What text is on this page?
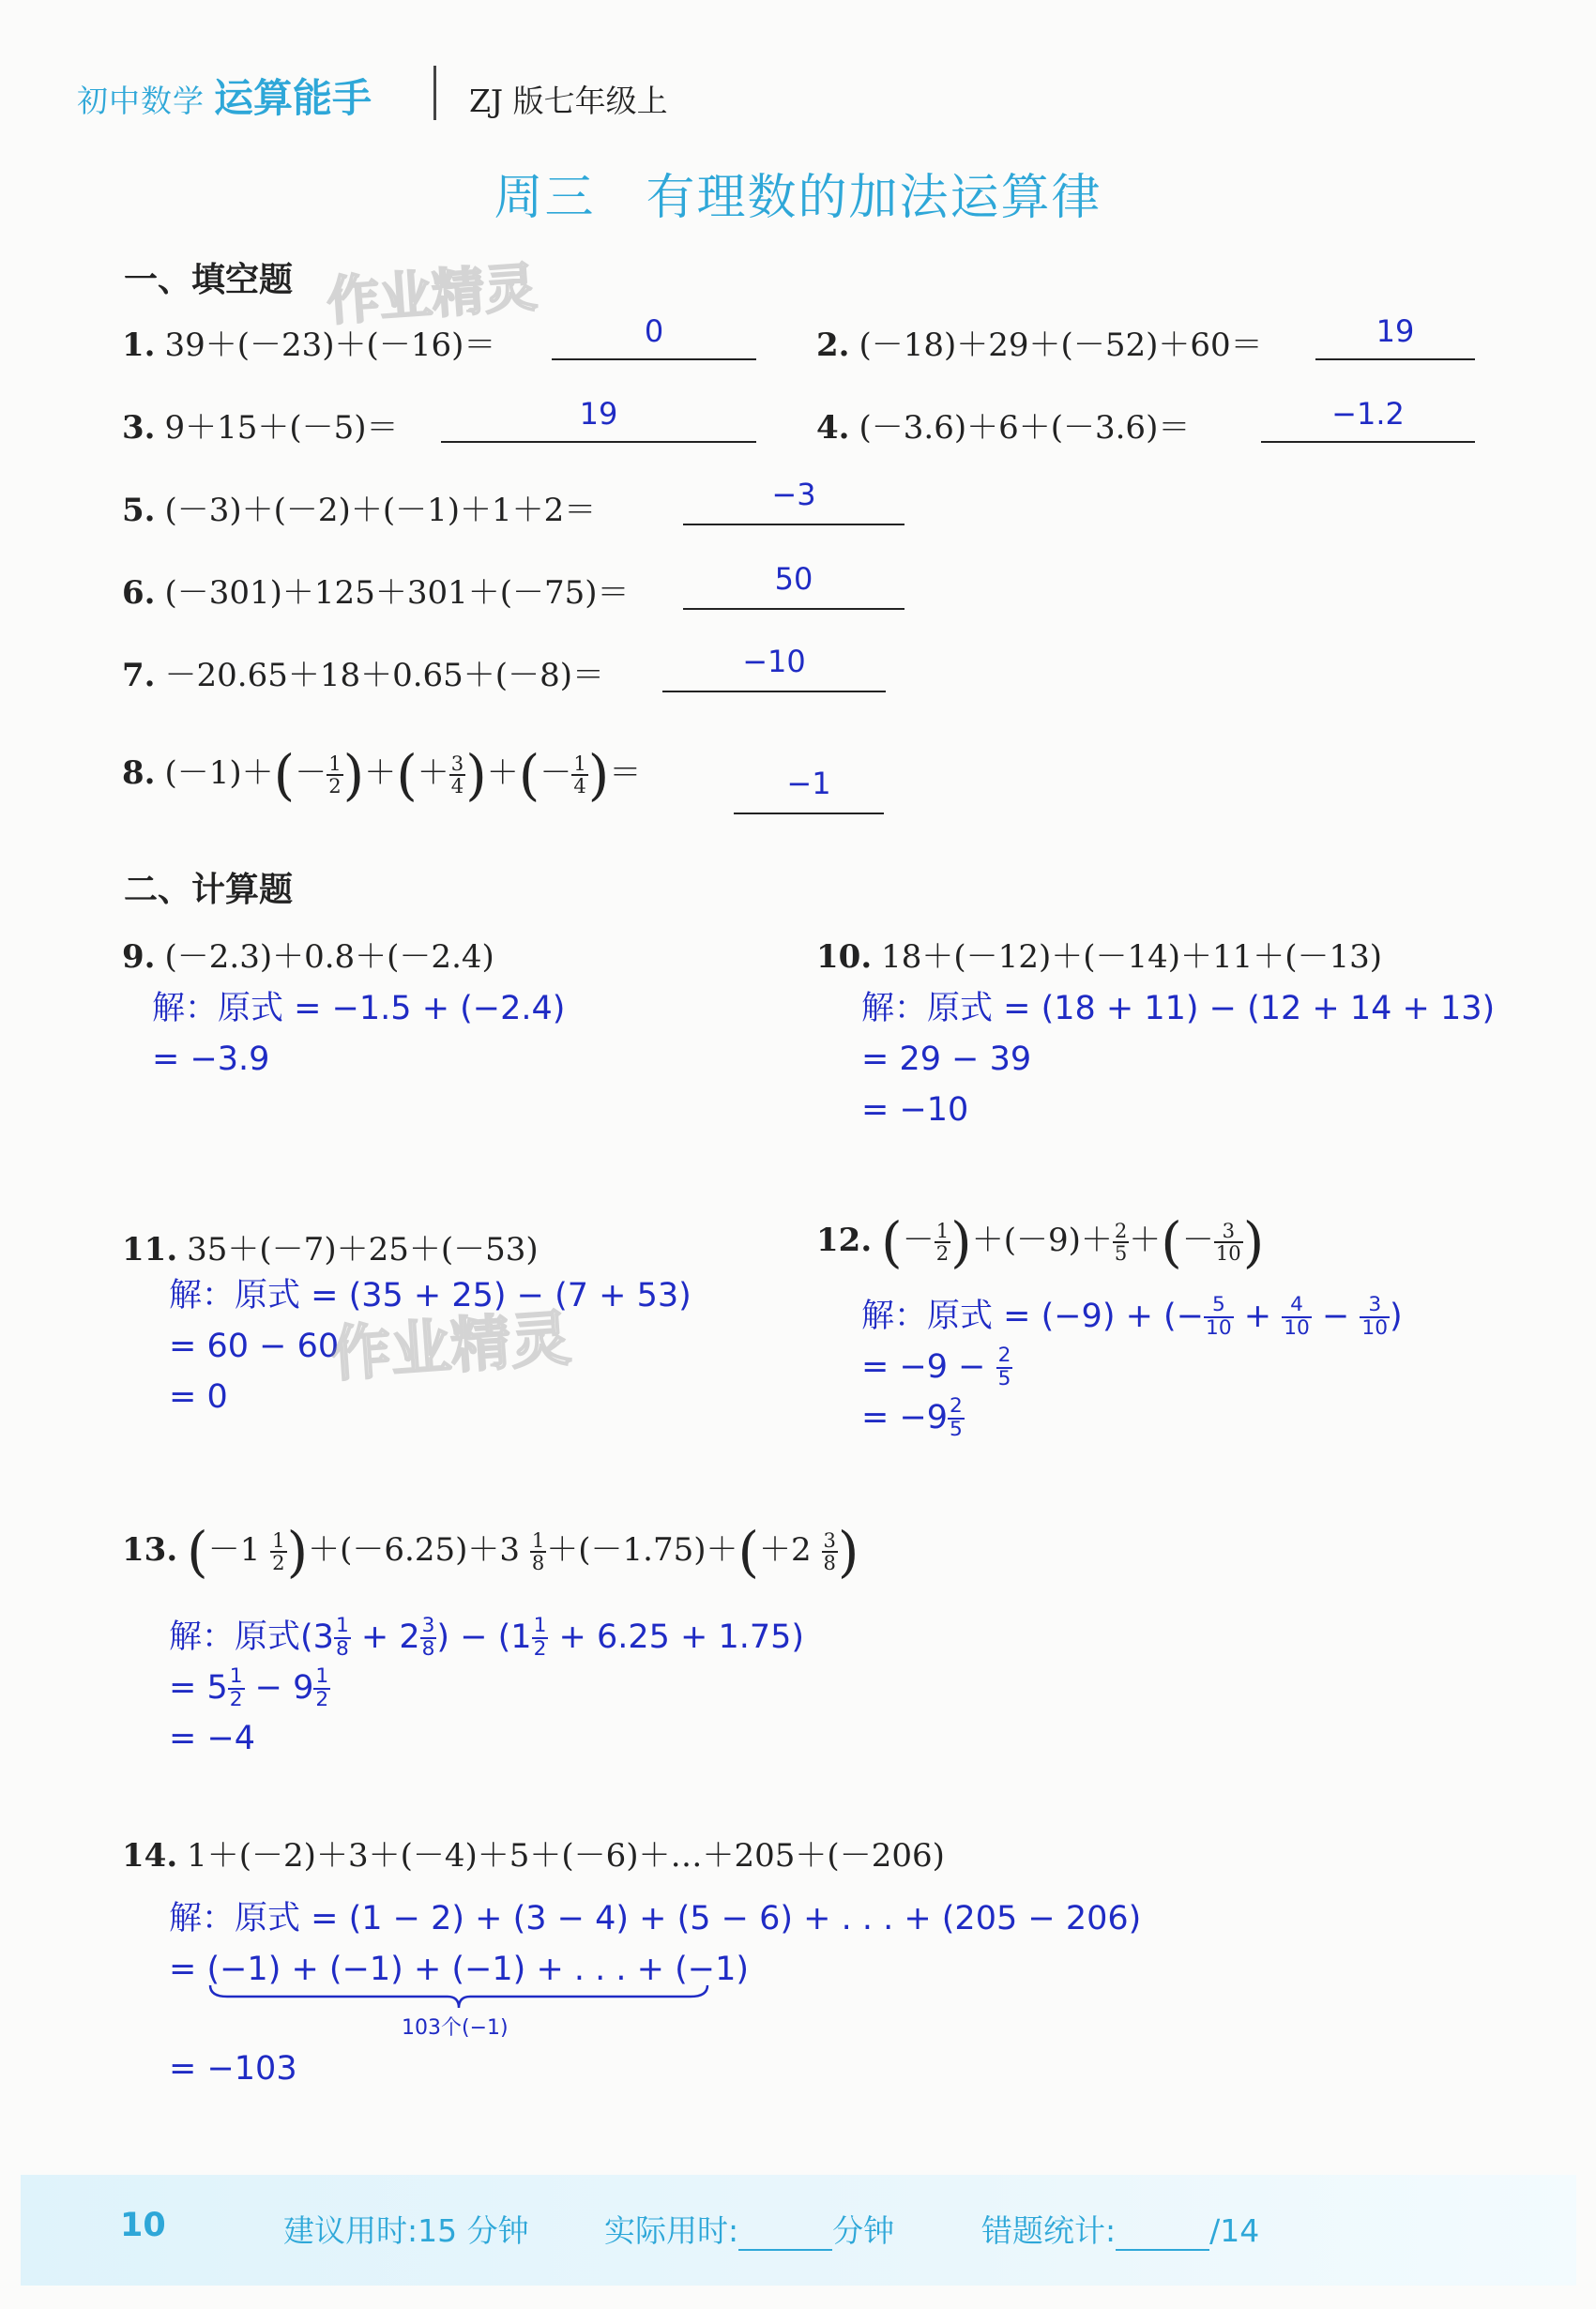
初中数学 运算能手	ZJ 版七年级上
周三 有理数的加法运算律
一、填空题 作业精灵
1. 39＋(－23)＋(－16)＝	0	2. (－18)＋29＋(－52)＋60＝	19
3. 9＋15＋(－5)＝	19	4. (－3.6)＋6＋(－3.6)＝	−1.2
5. (－3)＋(－2)＋(－1)＋1＋2＝	−3
6. (－301)＋125＋301＋(－75)＝	50
7. －20.65＋18＋0.65＋(－8)＝	−10
8. $(-1)+(- \frac{1}{2}$ )＋(＋ $\frac{3}{4}$ )＋(－ $\frac{1}{4}$ )＝	−1
二、计算题
9. (－2.3)＋0.8＋(－2.4)
解：原式 = −1.5 + (−2.4)
= −3.9
10. 18＋(－12)＋(－14)＋11＋(－13)
解：原式 = (18 + 11) − (12 + 14 + 13)
= 29 − 39
= −10
11. 35＋(－7)＋25＋(－53)
解：原式 = (35 + 25) − (7 + 53)
= 60 − 60
= 0
作业精灵
12. (－ $\frac{1}{2} )+(-9)+ \frac{2}{5}$ ＋(－ $\frac{3}{10}$ )
解：原式 = (−9) + (− $\frac{5}{10} + \frac{4}{10} - \frac{3}{10}$ )
= $-9 - \frac{2}{5}$
= $-9 \frac{2}{5}$
13. $(-1 \frac{1}{2} )+(-6.25)+3 \frac{1}{8} +(-1.75)+(+2 \frac{3}{8}$ )
解：原式($3 \frac{1}{8} + 2 \frac{3}{8}$ ) − $(1 \frac{1}{2} + 6.25 + 1.75)$
= $5 \frac{1}{2} - 9 \frac{1}{2}$
= −4
14. 1＋(－2)＋3＋(－4)＋5＋(－6)＋…＋205＋(－206)
解：原式 = (1 − 2) + (3 − 4) + (5 − 6) + . . . + (205 − 206)
= (−1) + (−1) + (−1) + . . . + (−1)
103个(−1)
= −103
10	建议用时:15 分钟 实际用时:	分钟	错题统计:	/14
